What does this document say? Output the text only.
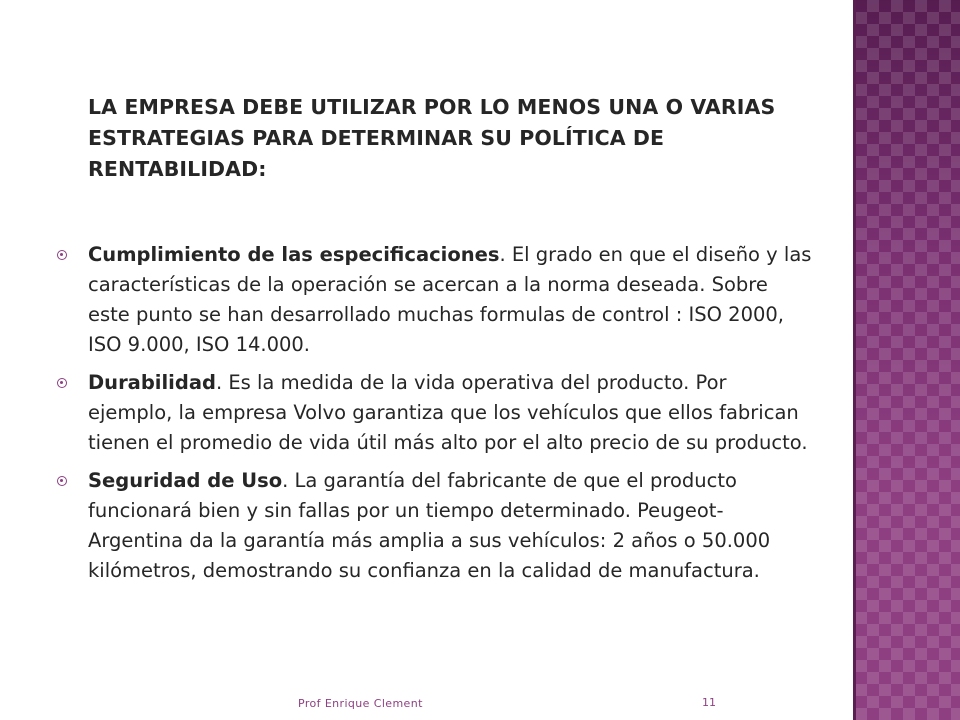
LA EMPRESA DEBE UTILIZAR POR LO MENOS UNA O VARIAS ESTRATEGIAS PARA DETERMINAR SU POLÍTICA DE RENTABILIDAD:
Cumplimiento de las especificaciones. El grado en que el diseño y las características de la operación se acercan a la norma deseada. Sobre este punto se han desarrollado muchas formulas de control : ISO 2000, ISO 9.000, ISO 14.000.
Durabilidad. Es la medida de la vida operativa del producto. Por ejemplo, la empresa Volvo garantiza que los vehículos que ellos fabrican tienen el promedio de vida útil más alto por el alto precio de su producto.
Seguridad de Uso. La garantía del fabricante de que el producto funcionará bien y sin fallas por un tiempo determinado. Peugeot-Argentina da la garantía más amplia a sus vehículos: 2 años o 50.000 kilómetros, demostrando su confianza en la calidad de manufactura.
Prof Enrique Clement	11
